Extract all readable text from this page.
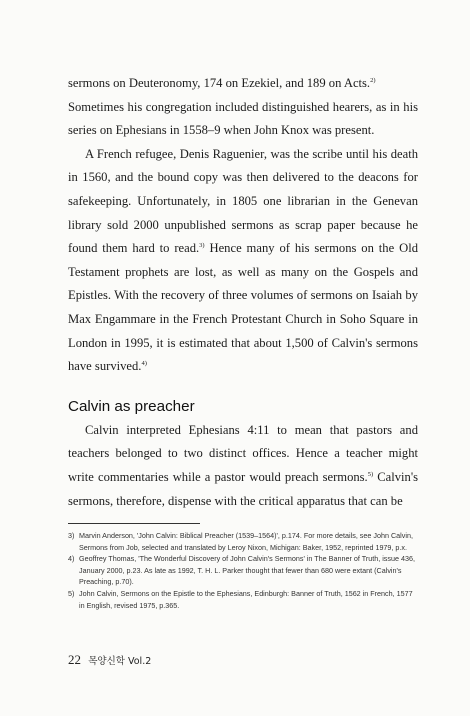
sermons on Deuteronomy, 174 on Ezekiel, and 189 on Acts.$^{2)}$

Sometimes his congregation included distinguished hearers, as in his series on Ephesians in 1558–9 when John Knox was present.

A French refugee, Denis Raguenier, was the scribe until his death in 1560, and the bound copy was then delivered to the deacons for safekeeping. Unfortunately, in 1805 one librarian in the Genevan library sold 2000 unpublished sermons as scrap paper because he found them hard to read.$^{3)}$ Hence many of his sermons on the Old Testament prophets are lost, as well as many on the Gospels and Epistles. With the recovery of three volumes of sermons on Isaiah by Max Engammare in the French Protestant Church in Soho Square in London in 1995, it is estimated that about 1,500 of Calvin's sermons have survived.$^{4)}$

Calvin as preacher

Calvin interpreted Ephesians 4:11 to mean that pastors and teachers belonged to two distinct offices. Hence a teacher might write commentaries while a pastor would preach sermons.$^{5)}$ Calvin's sermons, therefore, dispense with the critical apparatus that can be

3) Marvin Anderson, 'John Calvin: Biblical Preacher (1539–1564)', p.174. For more details, see John Calvin, Sermons from Job, selected and translated by Leroy Nixon, Michigan: Baker, 1952, reprinted 1979, p.x.
4) Geoffrey Thomas, 'The Wonderful Discovery of John Calvin's Sermons' in The Banner of Truth, issue 436, January 2000, p.23. As late as 1992, T. H. L. Parker thought that fewer than 680 were extant (Calvin's Preaching, p.70).
5) John Calvin, Sermons on the Epistle to the Ephesians, Edinburgh: Banner of Truth, 1562 in French, 1577 in English, revised 1975, p.365.
22 목양신학 Vol.2
